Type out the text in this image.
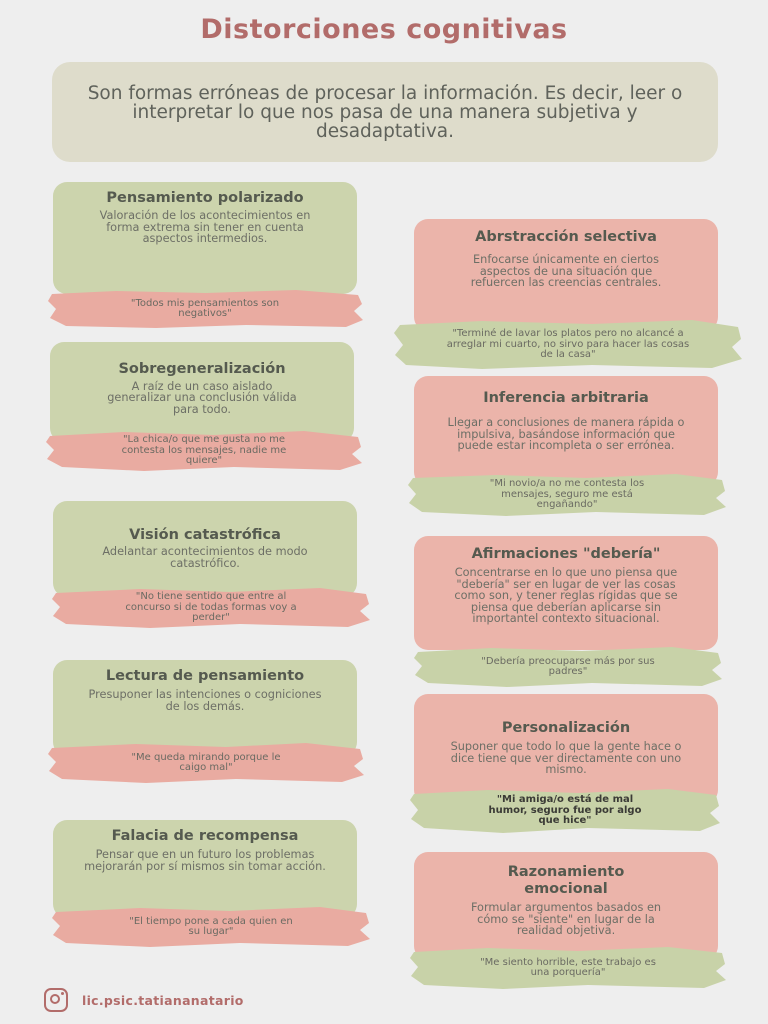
Distorciones cognitivas
Son formas erróneas de procesar la información. Es decir, leer o interpretar lo que nos pasa de una manera subjetiva y desadaptativa.
Pensamiento polarizado
Valoración de los acontecimientos en forma extrema sin tener en cuenta aspectos intermedios.
"Todos mis pensamientos son negativos"
Abrstracción selectiva
Enfocarse únicamente en ciertos aspectos de una situación que refuercen las creencias centrales.
"Terminé de lavar los platos pero no alcancé a arreglar mi cuarto, no sirvo para hacer las cosas de la casa"
Sobregeneralización
A raíz de un caso aislado generalizar una conclusión válida para todo.
"La chica/o que me gusta no me contesta los mensajes, nadie me quiere"
Inferencia arbitraria
Llegar a conclusiones de manera rápida o impulsiva, basándose información que puede estar incompleta o ser errónea.
"Mi novio/a no me contesta los mensajes, seguro me está engañando"
Visión catastrófica
Adelantar acontecimientos de modo catastrófico.
"No tiene sentido que entre al concurso si de todas formas voy a perder"
Afirmaciones "debería"
Concentrarse en lo que uno piensa que "debería" ser en lugar de ver las cosas como son, y tener reglas rígidas que se piensa que deberían aplicarse sin importantel contexto situacional.
"Debería preocuparse más por sus padres"
Lectura de pensamiento
Presuponer las intenciones o cogniciones de los demás.
"Me queda mirando porque le caigo mal"
Personalización
Suponer que todo lo que la gente hace o dice tiene que ver directamente con uno mismo.
"Mi amiga/o está de mal humor, seguro fue por algo que hice"
Falacia de recompensa
Pensar que en un futuro los problemas mejorarán por sí mismos sin tomar acción.
"El tiempo pone a cada quien en su lugar"
Razonamiento emocional
Formular argumentos basados en cómo se "siente" en lugar de la realidad objetiva.
"Me siento horrible, este trabajo es una porquería"
lic.psic.tatiananatario
